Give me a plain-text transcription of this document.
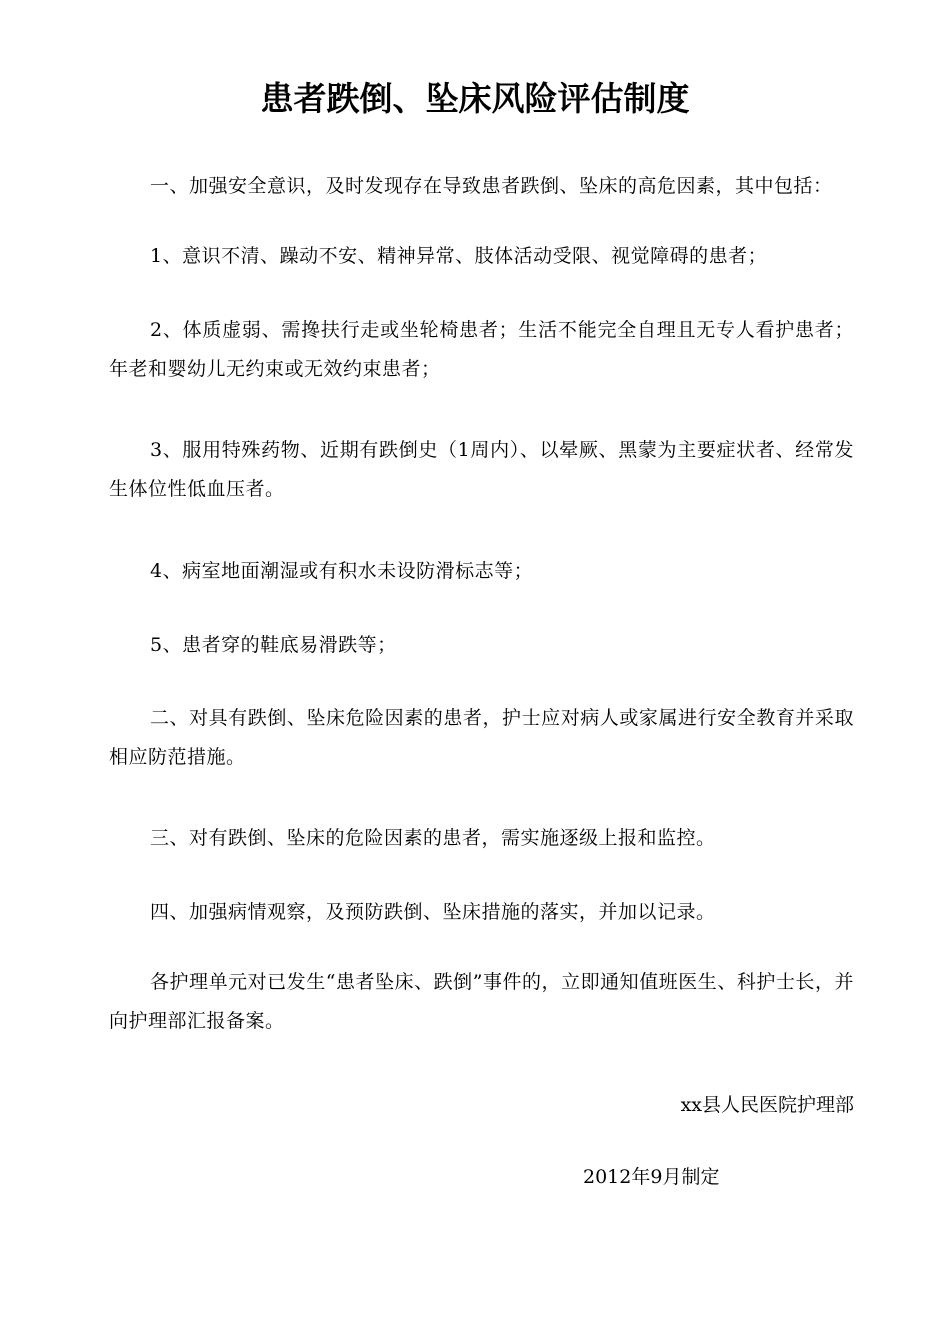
患者跌倒、坠床风险评估制度

一、加强安全意识，及时发现存在导致患者跌倒、坠床的高危因素，其中包括：

1、意识不清、躁动不安、精神异常、肢体活动受限、视觉障碍的患者；

2、体质虚弱、需搀扶行走或坐轮椅患者；生活不能完全自理且无专人看护患者；年老和婴幼儿无约束或无效约束患者；

3、服用特殊药物、近期有跌倒史（1周内）、以晕厥、黑蒙为主要症状者、经常发生体位性低血压者。

4、病室地面潮湿或有积水未设防滑标志等；

5、患者穿的鞋底易滑跌等；

二、对具有跌倒、坠床危险因素的患者，护士应对病人或家属进行安全教育并采取相应防范措施。

三、对有跌倒、坠床的危险因素的患者，需实施逐级上报和监控。

四、加强病情观察，及预防跌倒、坠床措施的落实，并加以记录。

各护理单元对已发生“患者坠床、跌倒”事件的，立即通知值班医生、科护士长，并向护理部汇报备案。

xx县人民医院护理部

2012年9月制定
